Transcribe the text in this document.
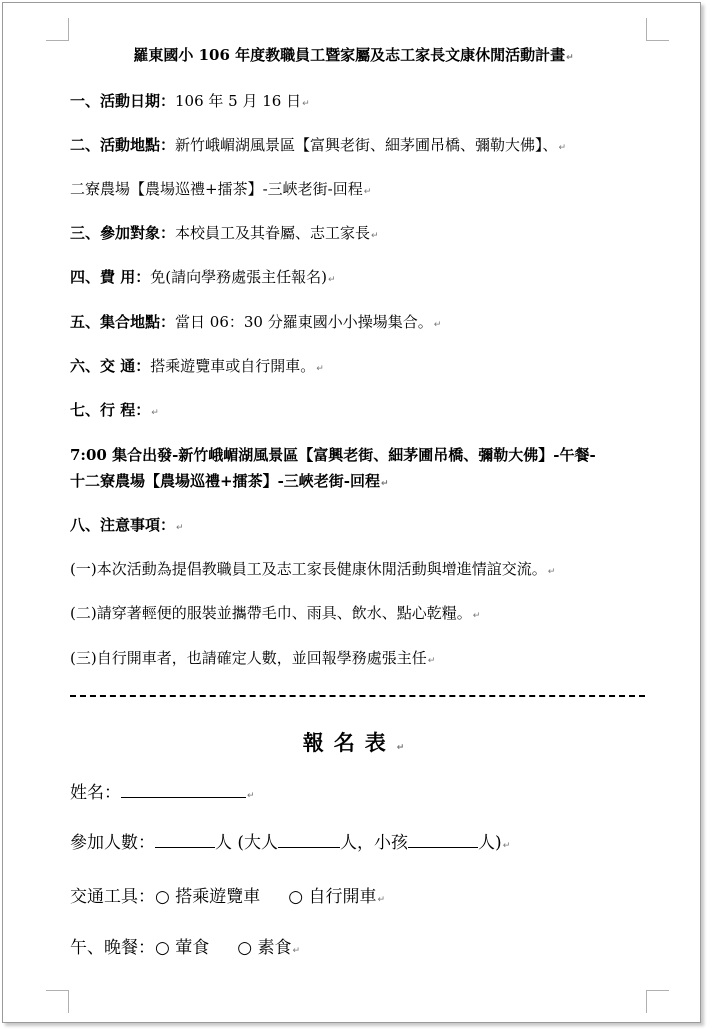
羅東國小 106 年度教職員工暨家屬及志工家長文康休閒活動計畫↵
一、活動日期：106 年 5 月 16 日↵
二、活動地點：新竹峨嵋湖風景區【富興老街、細茅圃吊橋、彌勒大佛】、↵
二寮農場【農場巡禮+擂茶】-三峽老街-回程↵
三、參加對象：本校員工及其眷屬、志工家長↵
四、費 用：免(請向學務處張主任報名)↵
五、集合地點：當日 06：30 分羅東國小小操場集合。↵
六、交 通：搭乘遊覽車或自行開車。↵
七、行 程：↵
7:00 集合出發-新竹峨嵋湖風景區【富興老街、細茅圃吊橋、彌勒大佛】-午餐-
十二寮農場【農場巡禮+擂茶】-三峽老街-回程↵
八、注意事項：↵
(一)本次活動為提倡教職員工及志工家長健康休閒活動與增進情誼交流。↵
(二)請穿著輕便的服裝並攜帶毛巾、雨具、飲水、點心乾糧。↵
(三)自行開車者，也請確定人數，並回報學務處張主任↵
報名表↵
姓名：	↵
參加人數：	人 (大人	人，小孩	人)↵
交通工具：○ 搭乘遊覽車 ○ 自行開車↵
午、晚餐：○ 葷食 ○ 素食↵
